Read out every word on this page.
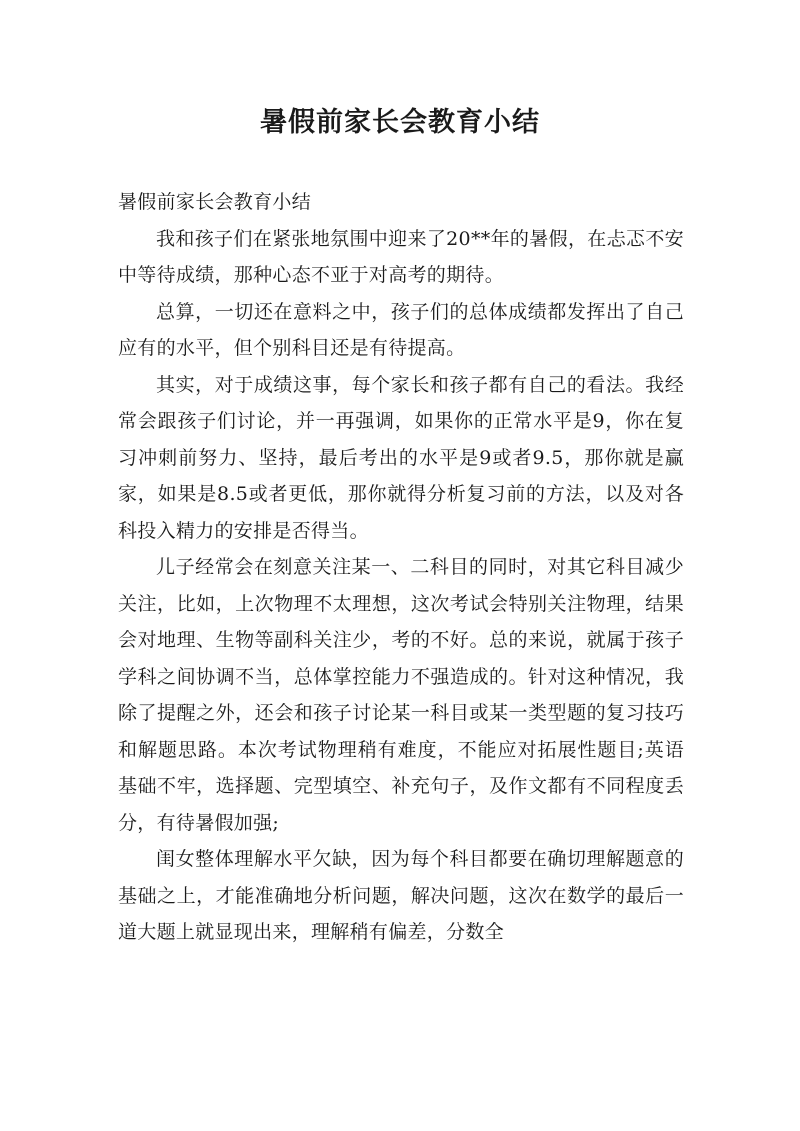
暑假前家长会教育小结

暑假前家长会教育小结

我和孩子们在紧张地氛围中迎来了20**年的暑假，在忐忑不安中等待成绩，那种心态不亚于对高考的期待。

总算，一切还在意料之中，孩子们的总体成绩都发挥出了自己应有的水平，但个别科目还是有待提高。

其实，对于成绩这事，每个家长和孩子都有自己的看法。我经常会跟孩子们讨论，并一再强调，如果你的正常水平是9，你在复习冲刺前努力、坚持，最后考出的水平是9或者9.5，那你就是赢家，如果是8.5或者更低，那你就得分析复习前的方法，以及对各科投入精力的安排是否得当。

儿子经常会在刻意关注某一、二科目的同时，对其它科目减少关注，比如，上次物理不太理想，这次考试会特别关注物理，结果会对地理、生物等副科关注少，考的不好。总的来说，就属于孩子学科之间协调不当，总体掌控能力不强造成的。针对这种情况，我除了提醒之外，还会和孩子讨论某一科目或某一类型题的复习技巧和解题思路。本次考试物理稍有难度，不能应对拓展性题目;英语基础不牢，选择题、完型填空、补充句子，及作文都有不同程度丢分，有待暑假加强;

闺女整体理解水平欠缺，因为每个科目都要在确切理解题意的基础之上，才能准确地分析问题，解决问题，这次在数学的最后一道大题上就显现出来，理解稍有偏差，分数全
